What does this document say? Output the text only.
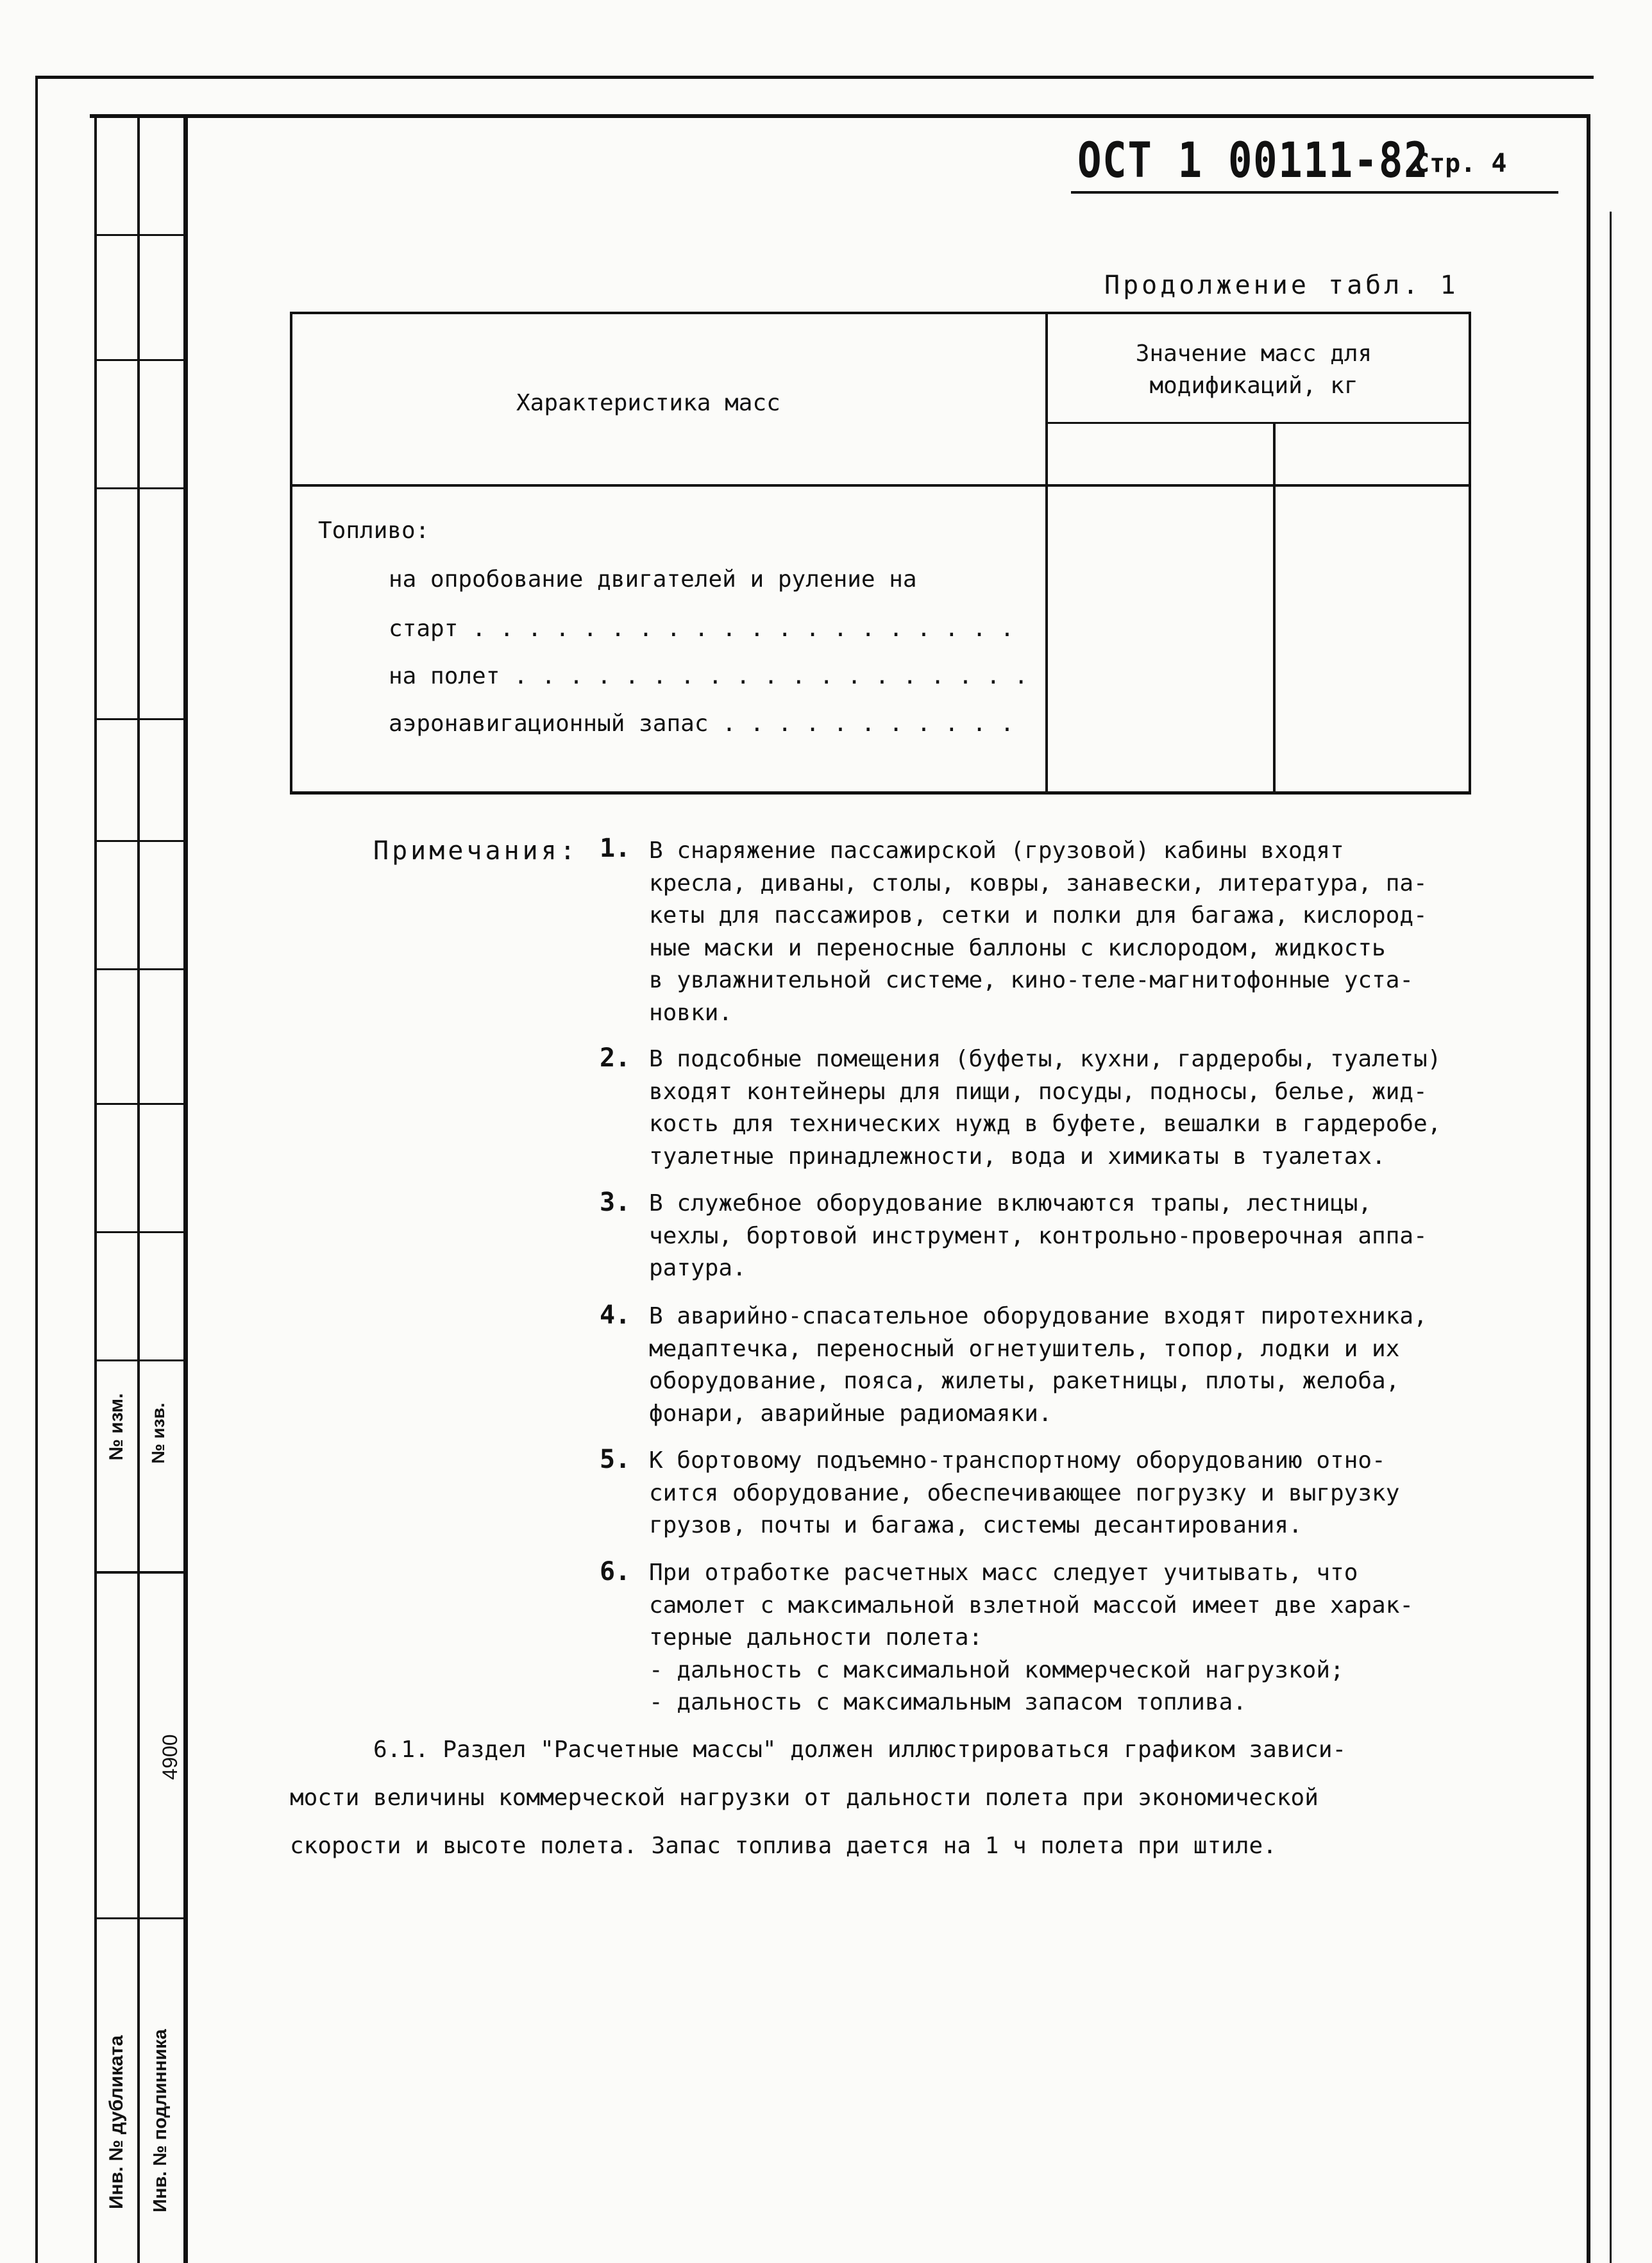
№ изм.	№ изв.
4900
Инв. № дубликата Инв. № подлинника
ОСТ 1 00111-82
Стр. 4
Продолжение табл. 1
Характеристика масс
Значение масс для модификаций, кг
Топливо:
на опробование двигателей и руление на
старт . . . . . . . . . . . . . . . . . . . .
на полет . . . . . . . . . . . . . . . . . . .
аэронавигационный запас . . . . . . . . . . .
Примечания: 1. В снаряжение пассажирской (грузовой) кабины входят
кресла, диваны, столы, ковры, занавески, литература, па-
кеты для пассажиров, сетки и полки для багажа, кислород-
ные маски и переносные баллоны с кислородом, жидкость
в увлажнительной системе, кино-теле-магнитофонные уста-
новки.
2. В подсобные помещения (буфеты, кухни, гардеробы, туалеты)
входят контейнеры для пищи, посуды, подносы, белье, жид-
кость для технических нужд в буфете, вешалки в гардеробе,
туалетные принадлежности, вода и химикаты в туалетах.
3. В служебное оборудование включаются трапы, лестницы,
чехлы, бортовой инструмент, контрольно-проверочная аппа-
ратура.
4. В аварийно-спасательное оборудование входят пиротехника,
медаптечка, переносный огнетушитель, топор, лодки и их
оборудование, пояса, жилеты, ракетницы, плоты, желоба,
фонари, аварийные радиомаяки.
5. К бортовому подъемно-транспортному оборудованию отно-
сится оборудование, обеспечивающее погрузку и выгрузку
грузов, почты и багажа, системы десантирования.
6. При отработке расчетных масс следует учитывать, что
самолет с максимальной взлетной массой имеет две харак-
терные дальности полета:
- дальность с максимальной коммерческой нагрузкой;
- дальность с максимальным запасом топлива.
6.1. Раздел "Расчетные массы" должен иллюстрироваться графиком зависи-
мости величины коммерческой нагрузки от дальности полета при экономической
скорости и высоте полета. Запас топлива дается на 1 ч полета при штиле.
